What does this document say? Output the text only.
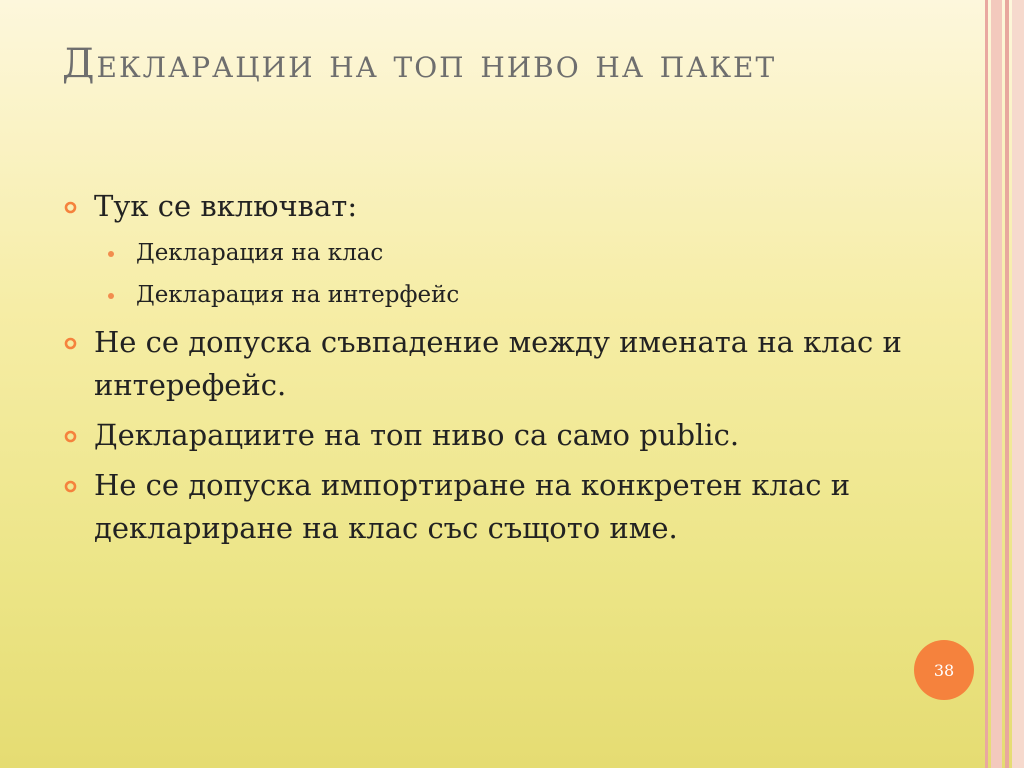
Декларации на топ ниво на пакет
Тук се включват:
Декларация на клас
Декларация на интерфейс
Не се допуска съвпадение между имената на клас и интерефейс.
Декларациите на топ ниво са само public.
Не се допуска импортиране на конкретен клас и деклариране на клас със същото име.
38
